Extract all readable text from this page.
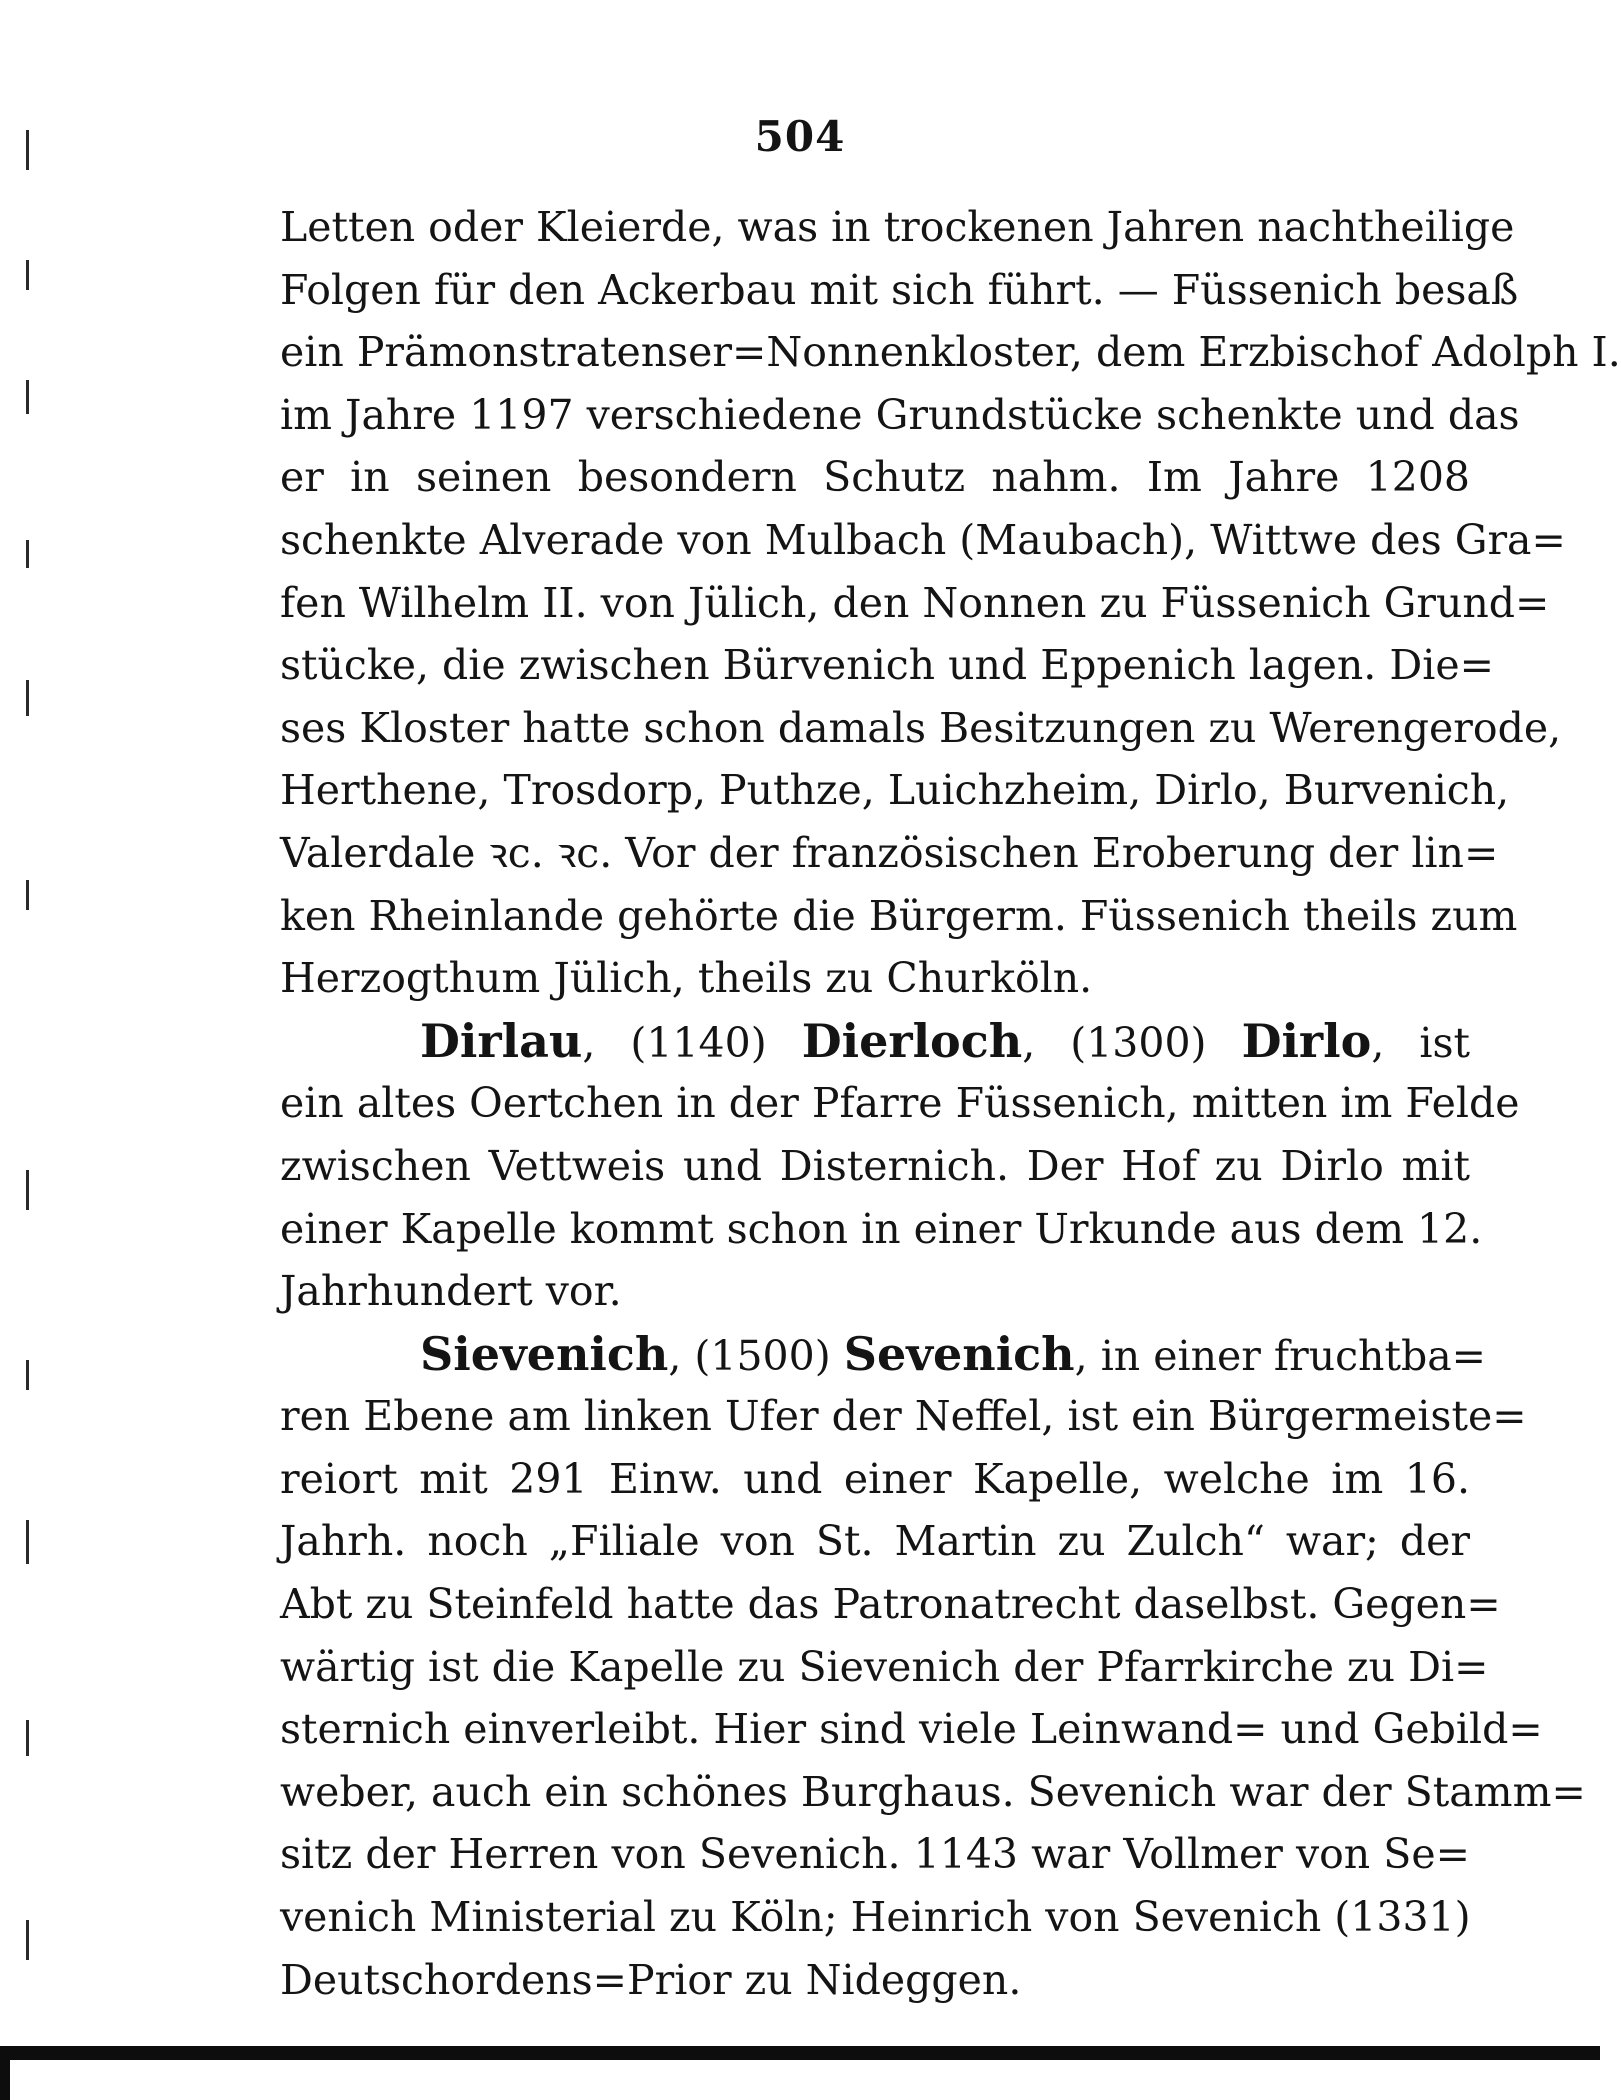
504
Letten oder Kleierde, was in trockenen Jahren nachtheilige
Folgen für den Ackerbau mit sich führt. — Füssenich besaß
ein Prämonstratenser=Nonnenkloster, dem Erzbischof Adolph I.
im Jahre 1197 verschiedene Grundstücke schenkte und das
er in seinen besondern Schutz nahm. Im Jahre 1208
schenkte Alverade von Mulbach (Maubach), Wittwe des Gra=
fen Wilhelm II. von Jülich, den Nonnen zu Füssenich Grund=
stücke, die zwischen Bürvenich und Eppenich lagen. Die=
ses Kloster hatte schon damals Besitzungen zu Werengerode,
Herthene, Trosdorp, Puthze, Luichzheim, Dirlo, Burvenich,
Valerdale ꝛc. ꝛc. Vor der französischen Eroberung der lin=
ken Rheinlande gehörte die Bürgerm. Füssenich theils zum
Herzogthum Jülich, theils zu Churköln.
Dirlau, (1140) Dierloch, (1300) Dirlo, ist
ein altes Oertchen in der Pfarre Füssenich, mitten im Felde
zwischen Vettweis und Disternich. Der Hof zu Dirlo mit
einer Kapelle kommt schon in einer Urkunde aus dem 12.
Jahrhundert vor.
Sievenich, (1500) Sevenich, in einer fruchtba=
ren Ebene am linken Ufer der Neffel, ist ein Bürgermeiste=
reiort mit 291 Einw. und einer Kapelle, welche im 16.
Jahrh. noch „Filiale von St. Martin zu Zulch“ war; der
Abt zu Steinfeld hatte das Patronatrecht daselbst. Gegen=
wärtig ist die Kapelle zu Sievenich der Pfarrkirche zu Di=
sternich einverleibt. Hier sind viele Leinwand= und Gebild=
weber, auch ein schönes Burghaus. Sevenich war der Stamm=
sitz der Herren von Sevenich. 1143 war Vollmer von Se=
venich Ministerial zu Köln; Heinrich von Sevenich (1331)
Deutschordens=Prior zu Nideggen.
